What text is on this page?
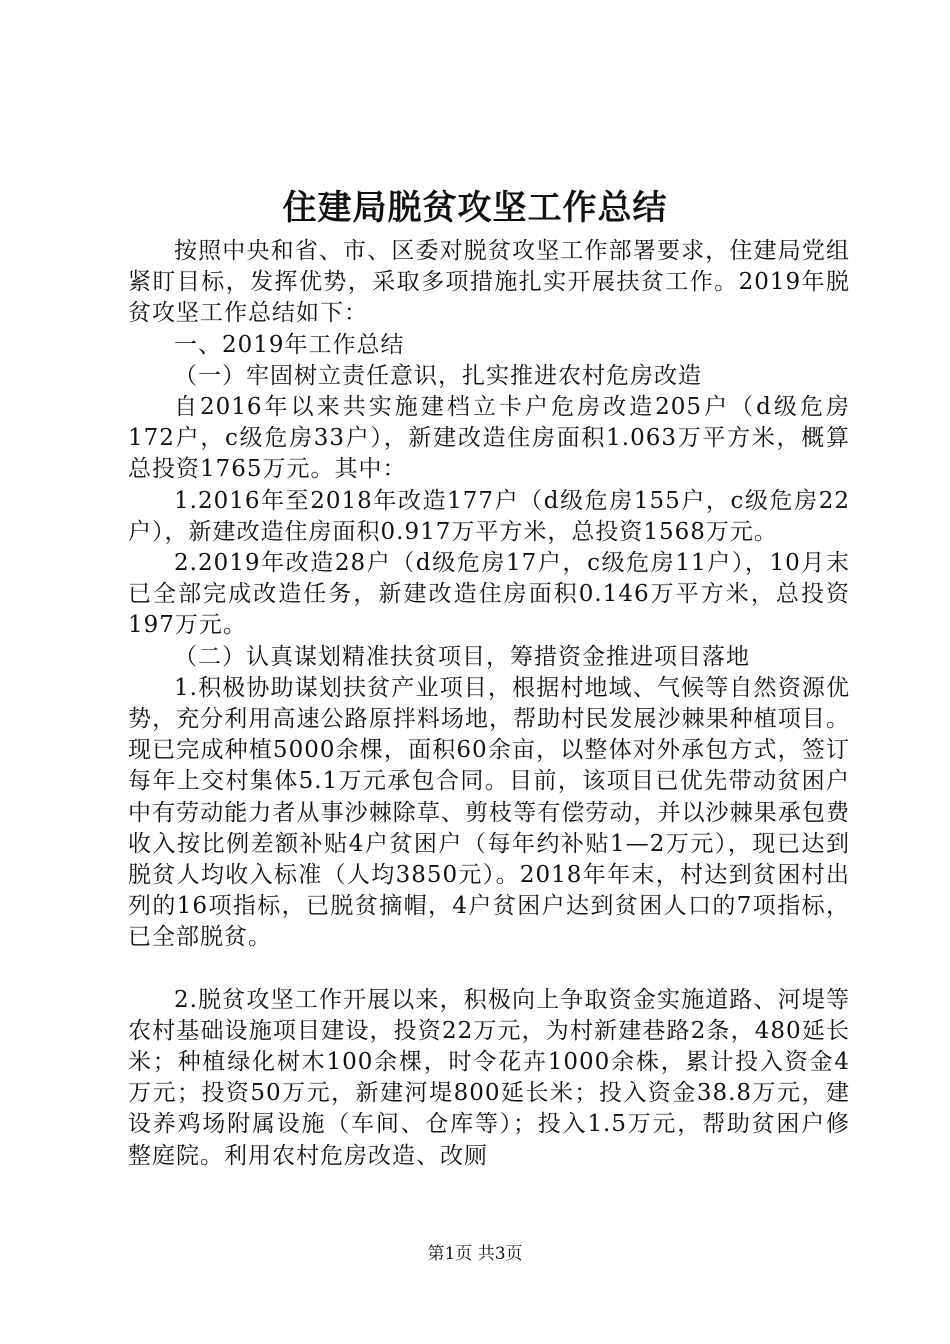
住建局脱贫攻坚工作总结

按照中央和省、市、区委对脱贫攻坚工作部署要求，住建局党组紧盯目标，发挥优势，采取多项措施扎实开展扶贫工作。2019年脱贫攻坚工作总结如下：

一、2019年工作总结

（一）牢固树立责任意识，扎实推进农村危房改造

自2016年以来共实施建档立卡户危房改造205户（d级危房172户，c级危房33户），新建改造住房面积1.063万平方米，概算总投资1765万元。其中：

1.2016年至2018年改造177户（d级危房155户，c级危房22户），新建改造住房面积0.917万平方米，总投资1568万元。

2.2019年改造28户（d级危房17户，c级危房11户），10月末已全部完成改造任务，新建改造住房面积0.146万平方米，总投资197万元。

（二）认真谋划精准扶贫项目，筹措资金推进项目落地

1.积极协助谋划扶贫产业项目，根据村地域、气候等自然资源优势，充分利用高速公路原拌料场地，帮助村民发展沙棘果种植项目。现已完成种植5000余棵，面积60余亩，以整体对外承包方式，签订每年上交村集体5.1万元承包合同。目前，该项目已优先带动贫困户中有劳动能力者从事沙棘除草、剪枝等有偿劳动，并以沙棘果承包费收入按比例差额补贴4户贫困户（每年约补贴1—2万元），现已达到脱贫人均收入标准（人均3850元）。2018年年末，村达到贫困村出列的16项指标，已脱贫摘帽，4户贫困户达到贫困人口的7项指标，已全部脱贫。

2.脱贫攻坚工作开展以来，积极向上争取资金实施道路、河堤等农村基础设施项目建设，投资22万元，为村新建巷路2条，480延长米；种植绿化树木100余棵，时令花卉1000余株，累计投入资金4万元；投资50万元，新建河堤800延长米；投入资金38.8万元，建设养鸡场附属设施（车间、仓库等）；投入1.5万元，帮助贫困户修整庭院。利用农村危房改造、改厕

第1页 共3页
